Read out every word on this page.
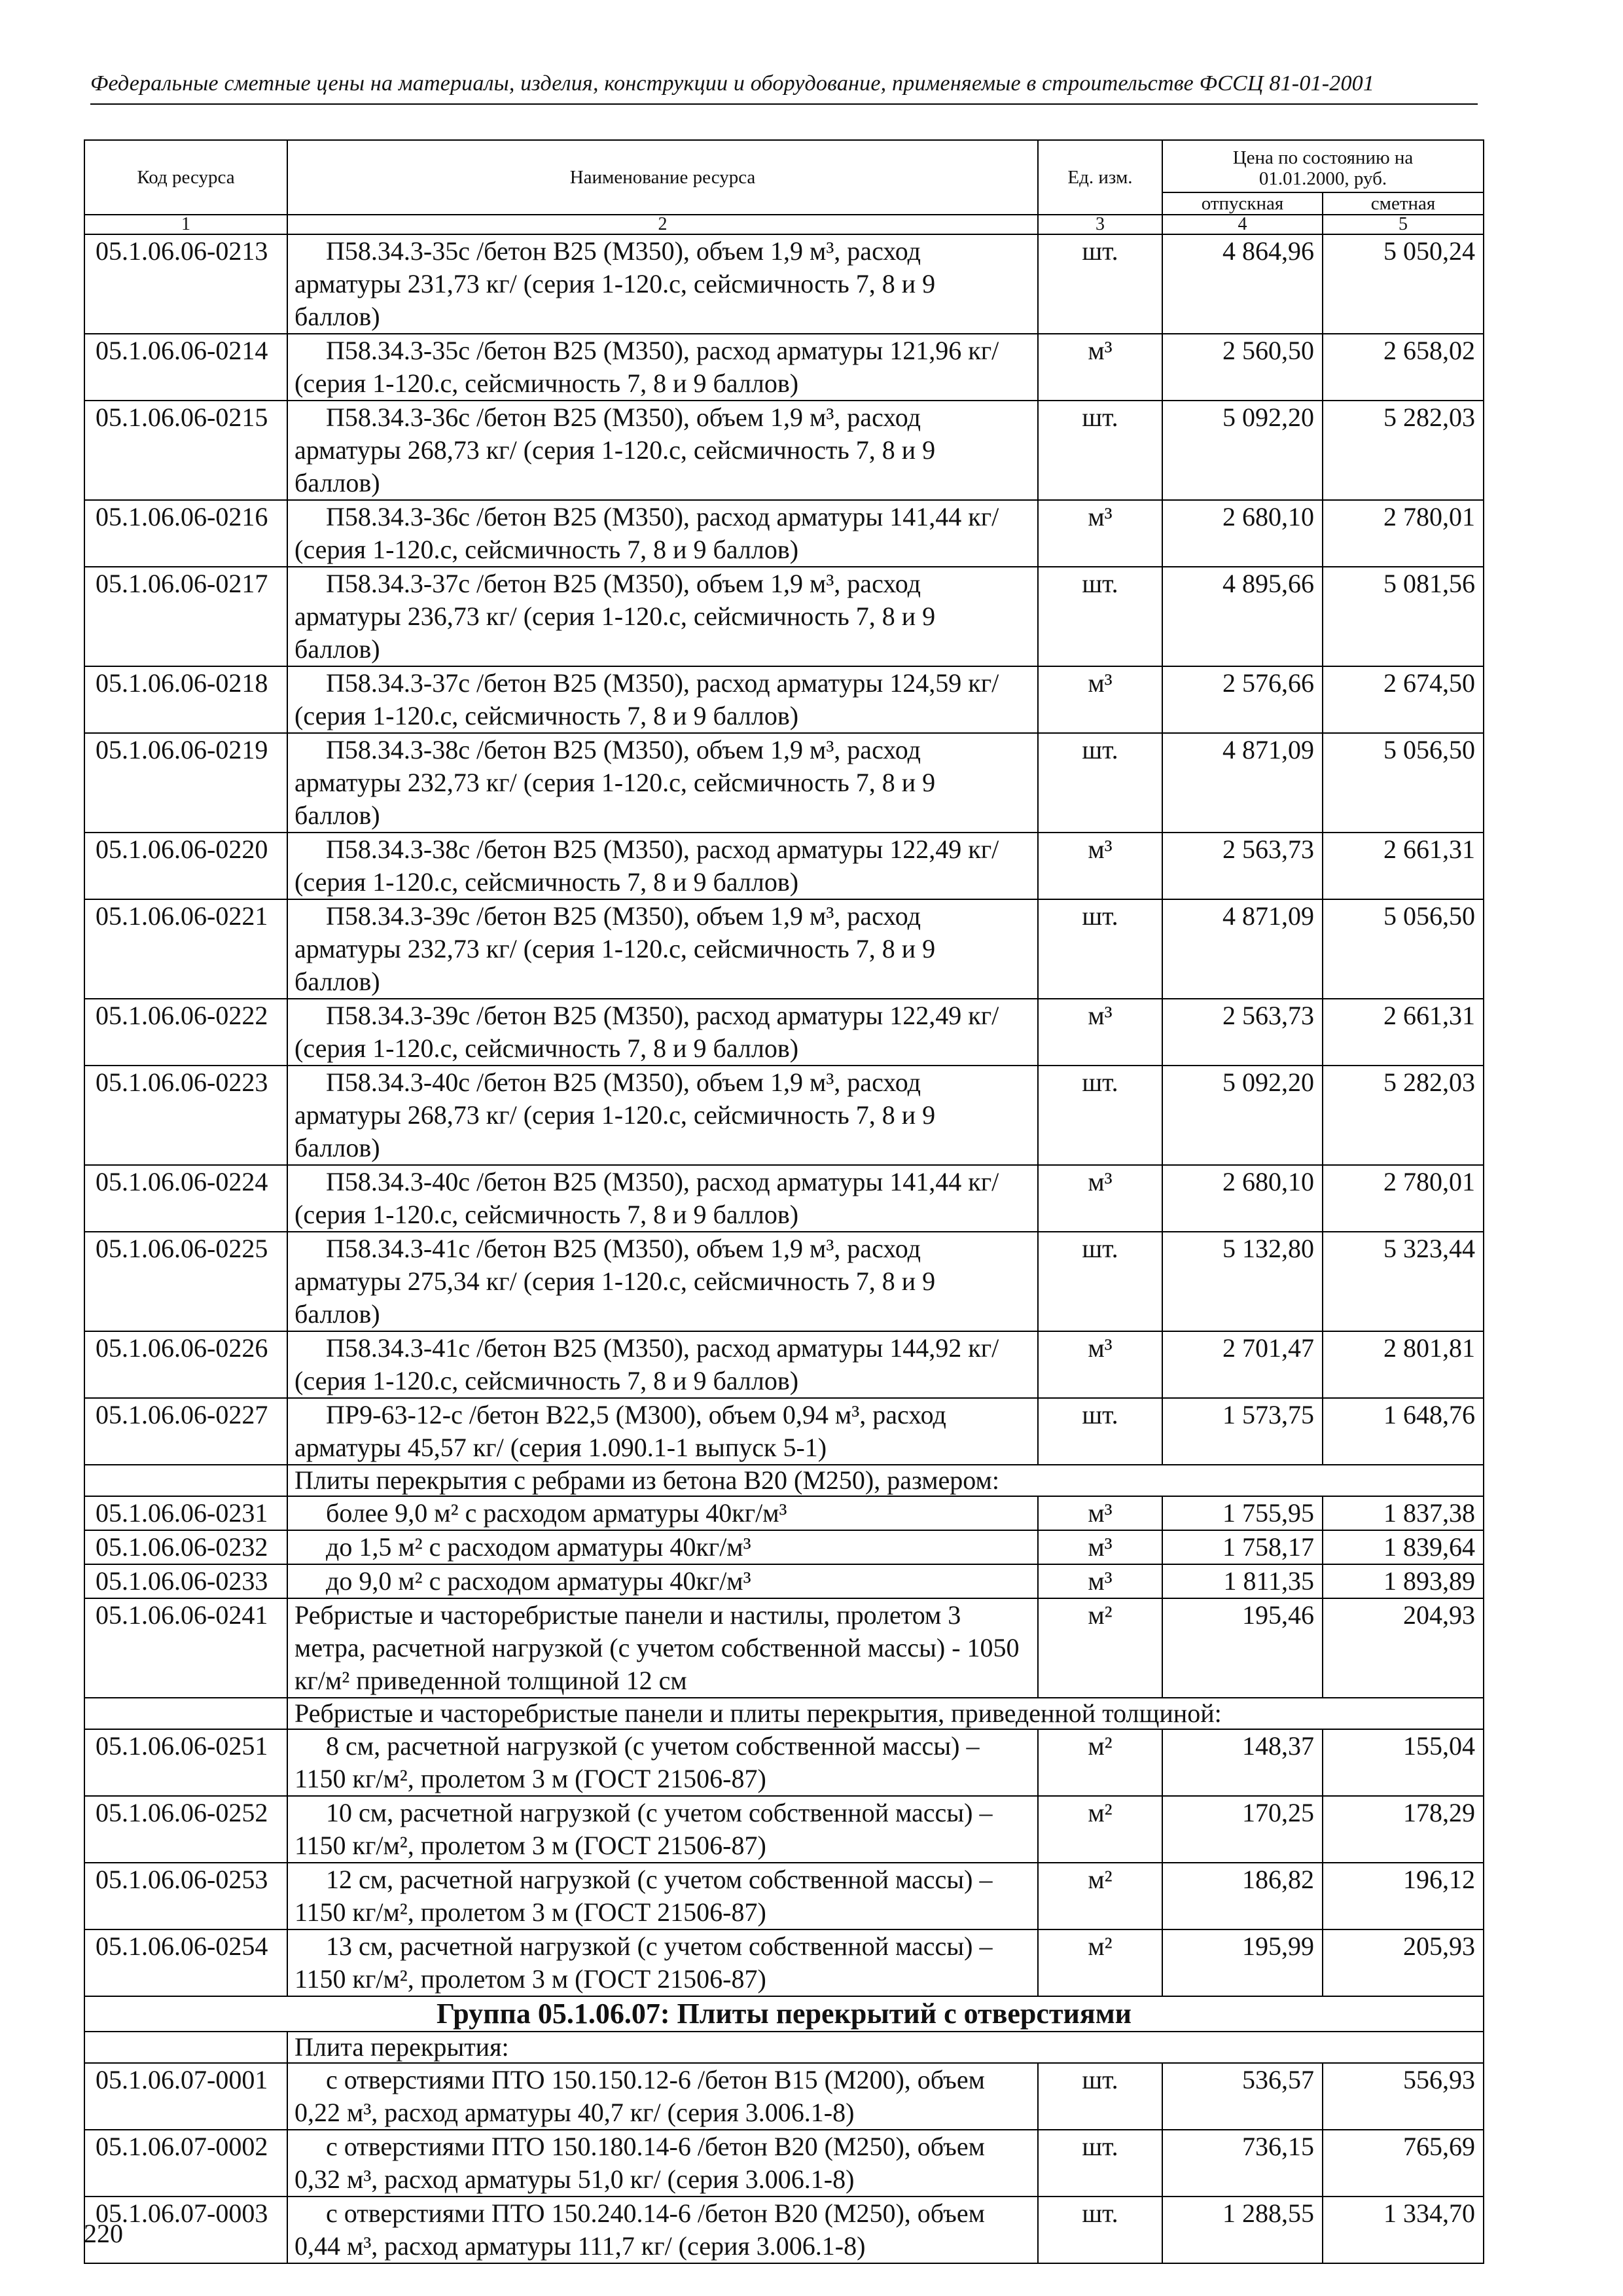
Федеральные сметные цены на материалы, изделия, конструкции и оборудование, применяемые в строительстве ФССЦ 81-01-2001
Код ресурса	Наименование ресурса	Ед. изм.	Цена по состоянию на 01.01.2000, руб.	
			отпускная	сметная
1	2	3	4	5
05.1.06.06-0213	П58.34.3-35с /бетон В25 (М350), объем 1,9 м³, расход арматуры 231,73 кг/ (серия 1-120.с, сейсмичность 7, 8 и 9 баллов)	шт.	4 864,96	5 050,24
05.1.06.06-0214	П58.34.3-35с /бетон В25 (М350), расход арматуры 121,96 кг/ (серия 1-120.с, сейсмичность 7, 8 и 9 баллов)	м³	2 560,50	2 658,02
05.1.06.06-0215	П58.34.3-36с /бетон В25 (М350), объем 1,9 м³, расход арматуры 268,73 кг/ (серия 1-120.с, сейсмичность 7, 8 и 9 баллов)	шт.	5 092,20	5 282,03
05.1.06.06-0216	П58.34.3-36с /бетон В25 (М350), расход арматуры 141,44 кг/ (серия 1-120.с, сейсмичность 7, 8 и 9 баллов)	м³	2 680,10	2 780,01
05.1.06.06-0217	П58.34.3-37с /бетон В25 (М350), объем 1,9 м³, расход арматуры 236,73 кг/ (серия 1-120.с, сейсмичность 7, 8 и 9 баллов)	шт.	4 895,66	5 081,56
05.1.06.06-0218	П58.34.3-37с /бетон В25 (М350), расход арматуры 124,59 кг/ (серия 1-120.с, сейсмичность 7, 8 и 9 баллов)	м³	2 576,66	2 674,50
05.1.06.06-0219	П58.34.3-38с /бетон В25 (М350), объем 1,9 м³, расход арматуры 232,73 кг/ (серия 1-120.с, сейсмичность 7, 8 и 9 баллов)	шт.	4 871,09	5 056,50
05.1.06.06-0220	П58.34.3-38с /бетон В25 (М350), расход арматуры 122,49 кг/ (серия 1-120.с, сейсмичность 7, 8 и 9 баллов)	м³	2 563,73	2 661,31
05.1.06.06-0221	П58.34.3-39с /бетон В25 (М350), объем 1,9 м³, расход арматуры 232,73 кг/ (серия 1-120.с, сейсмичность 7, 8 и 9 баллов)	шт.	4 871,09	5 056,50
05.1.06.06-0222	П58.34.3-39с /бетон В25 (М350), расход арматуры 122,49 кг/ (серия 1-120.с, сейсмичность 7, 8 и 9 баллов)	м³	2 563,73	2 661,31
05.1.06.06-0223	П58.34.3-40с /бетон В25 (М350), объем 1,9 м³, расход арматуры 268,73 кг/ (серия 1-120.с, сейсмичность 7, 8 и 9 баллов)	шт.	5 092,20	5 282,03
05.1.06.06-0224	П58.34.3-40с /бетон В25 (М350), расход арматуры 141,44 кг/ (серия 1-120.с, сейсмичность 7, 8 и 9 баллов)	м³	2 680,10	2 780,01
05.1.06.06-0225	П58.34.3-41с /бетон В25 (М350), объем 1,9 м³, расход арматуры 275,34 кг/ (серия 1-120.с, сейсмичность 7, 8 и 9 баллов)	шт.	5 132,80	5 323,44
05.1.06.06-0226	П58.34.3-41с /бетон В25 (М350), расход арматуры 144,92 кг/ (серия 1-120.с, сейсмичность 7, 8 и 9 баллов)	м³	2 701,47	2 801,81
05.1.06.06-0227	ПР9-63-12-с /бетон В22,5 (М300), объем 0,94 м³, расход арматуры 45,57 кг/ (серия 1.090.1-1 выпуск 5-1)	шт.	1 573,75	1 648,76
	Плиты перекрытия с ребрами из бетона В20 (М250), размером:			
05.1.06.06-0231	более 9,0 м² с расходом арматуры 40кг/м³	м³	1 755,95	1 837,38
05.1.06.06-0232	до 1,5 м² с расходом арматуры 40кг/м³	м³	1 758,17	1 839,64
05.1.06.06-0233	до 9,0 м² с расходом арматуры 40кг/м³	м³	1 811,35	1 893,89
05.1.06.06-0241	Ребристые и часторебристые панели и настилы, пролетом 3 метра, расчетной нагрузкой (с учетом собственной массы) - 1050 кг/м² приведенной толщиной 12 см	м²	195,46	204,93
	Ребристые и часторебристые панели и плиты перекрытия, приведенной толщиной:			
05.1.06.06-0251	8 см, расчетной нагрузкой (с учетом собственной массы) – 1150 кг/м², пролетом 3 м (ГОСТ 21506-87)	м²	148,37	155,04
05.1.06.06-0252	10 см, расчетной нагрузкой (с учетом собственной массы) – 1150 кг/м², пролетом 3 м (ГОСТ 21506-87)	м²	170,25	178,29
05.1.06.06-0253	12 см, расчетной нагрузкой (с учетом собственной массы) – 1150 кг/м², пролетом 3 м (ГОСТ 21506-87)	м²	186,82	196,12
05.1.06.06-0254	13 см, расчетной нагрузкой (с учетом собственной массы) – 1150 кг/м², пролетом 3 м (ГОСТ 21506-87)	м²	195,99	205,93
Группа 05.1.06.07: Плиты перекрытий с отверстиями				
	Плита перекрытия:			
05.1.06.07-0001	с отверстиями ПТО 150.150.12-6 /бетон В15 (М200), объем 0,22 м³, расход арматуры 40,7 кг/ (серия 3.006.1-8)	шт.	536,57	556,93
05.1.06.07-0002	с отверстиями ПТО 150.180.14-6 /бетон В20 (М250), объем 0,32 м³, расход арматуры 51,0 кг/ (серия 3.006.1-8)	шт.	736,15	765,69
05.1.06.07-0003	с отверстиями ПТО 150.240.14-6 /бетон В20 (М250), объем 0,44 м³, расход арматуры 111,7 кг/ (серия 3.006.1-8)	шт.	1 288,55	1 334,70
220
